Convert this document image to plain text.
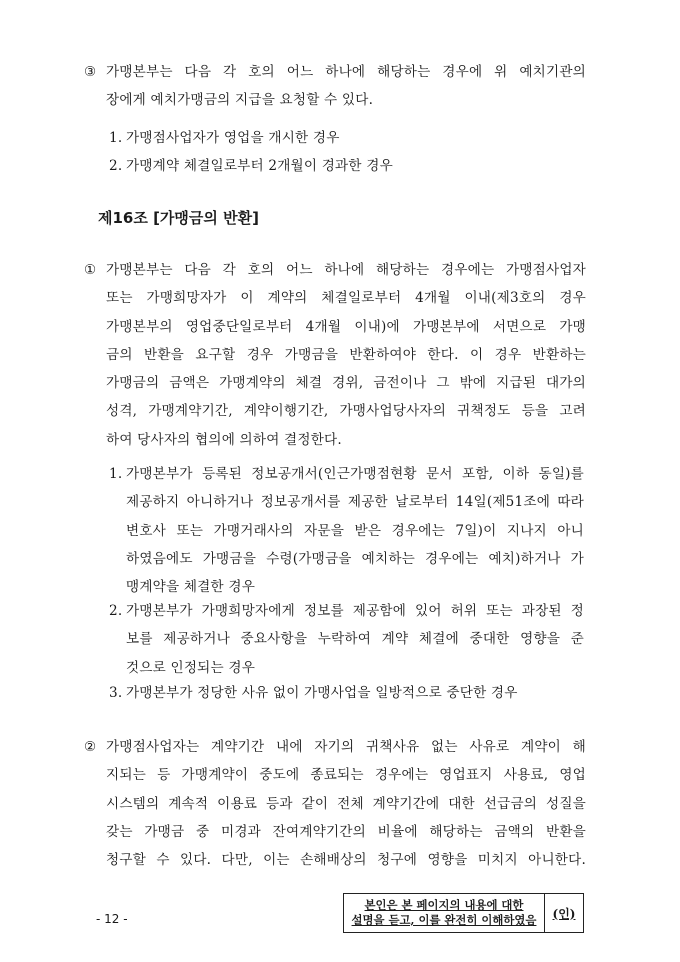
③ 가맹본부는 다음 각 호의 어느 하나에 해당하는 경우에 위 예치기관의
장에게 예치가맹금의 지급을 요청할 수 있다.
1. 가맹점사업자가 영업을 개시한 경우
2. 가맹계약 체결일로부터 2개월이 경과한 경우
제16조 [가맹금의 반환]
① 가맹본부는 다음 각 호의 어느 하나에 해당하는 경우에는 가맹점사업자
또는 가맹희망자가 이 계약의 체결일로부터 4개월 이내(제3호의 경우
가맹본부의 영업중단일로부터 4개월 이내)에 가맹본부에 서면으로 가맹
금의 반환을 요구할 경우 가맹금을 반환하여야 한다. 이 경우 반환하는
가맹금의 금액은 가맹계약의 체결 경위, 금전이나 그 밖에 지급된 대가의
성격, 가맹계약기간, 계약이행기간, 가맹사업당사자의 귀책정도 등을 고려
하여 당사자의 협의에 의하여 결정한다.
1. 가맹본부가 등록된 정보공개서(인근가맹점현황 문서 포함, 이하 동일)를
제공하지 아니하거나 정보공개서를 제공한 날로부터 14일(제51조에 따라
변호사 또는 가맹거래사의 자문을 받은 경우에는 7일)이 지나지 아니
하였음에도 가맹금을 수령(가맹금을 예치하는 경우에는 예치)하거나 가
맹계약을 체결한 경우
2. 가맹본부가 가맹희망자에게 정보를 제공함에 있어 허위 또는 과장된 정
보를 제공하거나 중요사항을 누락하여 계약 체결에 중대한 영향을 준
것으로 인정되는 경우
3. 가맹본부가 정당한 사유 없이 가맹사업을 일방적으로 중단한 경우
② 가맹점사업자는 계약기간 내에 자기의 귀책사유 없는 사유로 계약이 해
지되는 등 가맹계약이 중도에 종료되는 경우에는 영업표지 사용료, 영업
시스템의 계속적 이용료 등과 같이 전체 계약기간에 대한 선급금의 성질을
갖는 가맹금 중 미경과 잔여계약기간의 비율에 해당하는 금액의 반환을
청구할 수 있다. 다만, 이는 손해배상의 청구에 영향을 미치지 아니한다.
본인은 본 페이지의 내용에 대한
설명을 듣고, 이를 완전히 이해하였음 (인)
- 12 -
